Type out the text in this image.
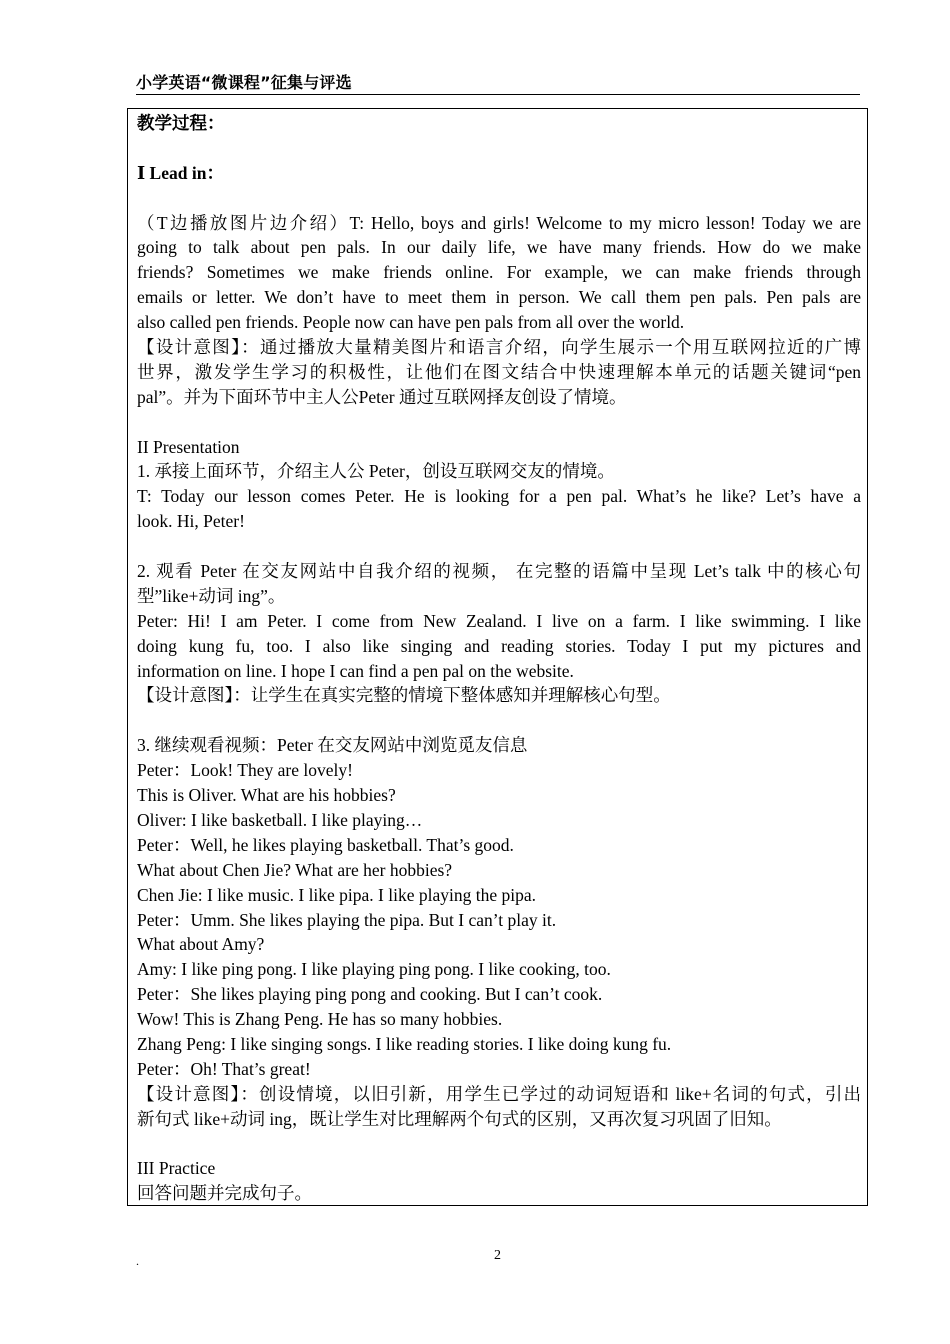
小学英语“微课程”征集与评选
教学过程：
Ⅰ Lead in：
（T边播放图片边介绍）T: Hello, boys and girls! Welcome to my micro lesson! Today we are
going to talk about pen pals. In our daily life, we have many friends. How do we make
friends? Sometimes we make friends online. For example, we can make friends through
emails or letter. We don’t have to meet them in person. We call them pen pals. Pen pals are
also called pen friends. People now can have pen pals from all over the world.
【设计意图】：通过播放大量精美图片和语言介绍，向学生展示一个用互联网拉近的广博
世界，激发学生学习的积极性，让他们在图文结合中快速理解本单元的话题关键词“pen
pal”。并为下面环节中主人公Peter 通过互联网择友创设了情境。
II Presentation
1. 承接上面环节，介绍主人公 Peter，创设互联网交友的情境。
T: Today our lesson comes Peter. He is looking for a pen pal. What’s he like? Let’s have a
look. Hi, Peter!
2. 观看 Peter 在交友网站中自我介绍的视频， 在完整的语篇中呈现 Let’s talk 中的核心句
型”like+动词 ing”。
Peter: Hi! I am Peter. I come from New Zealand. I live on a farm. I like swimming. I like
doing kung fu, too. I also like singing and reading stories. Today I put my pictures and
information on line. I hope I can find a pen pal on the website.
【设计意图】：让学生在真实完整的情境下整体感知并理解核心句型。
3. 继续观看视频：Peter 在交友网站中浏览觅友信息
Peter：Look! They are lovely!
This is Oliver. What are his hobbies?
Oliver: I like basketball. I like playing…
Peter：Well, he likes playing basketball. That’s good.
What about Chen Jie? What are her hobbies?
Chen Jie: I like music. I like pipa. I like playing the pipa.
Peter：Umm. She likes playing the pipa. But I can’t play it.
What about Amy?
Amy: I like ping pong. I like playing ping pong. I like cooking, too.
Peter：She likes playing ping pong and cooking. But I can’t cook.
Wow! This is Zhang Peng. He has so many hobbies.
Zhang Peng: I like singing songs. I like reading stories. I like doing kung fu.
Peter：Oh! That’s great!
【设计意图】：创设情境，以旧引新，用学生已学过的动词短语和 like+名词的句式，引出
新句式 like+动词 ing，既让学生对比理解两个句式的区别，又再次复习巩固了旧知。
III Practice
回答问题并完成句子。
.	2
